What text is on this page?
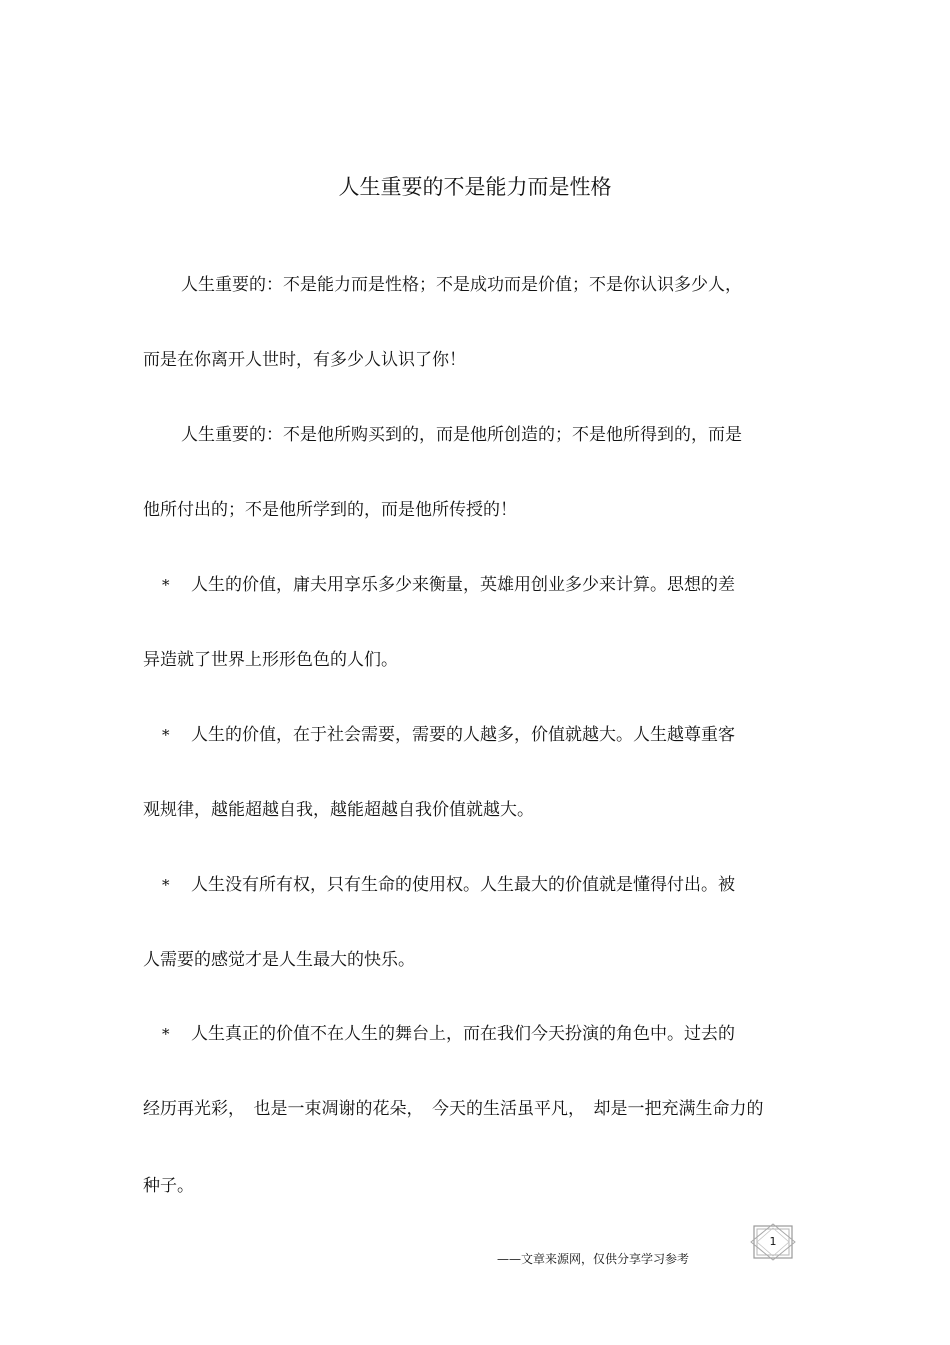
人生重要的不是能力而是性格
人生重要的：不是能力而是性格；不是成功而是价值；不是你认识多少人，
而是在你离开人世时，有多少人认识了你！
人生重要的：不是他所购买到的，而是他所创造的；不是他所得到的，而是
他所付出的；不是他所学到的，而是他所传授的！
* 人生的价值，庸夫用享乐多少来衡量，英雄用创业多少来计算。思想的差
异造就了世界上形形色色的人们。
* 人生的价值，在于社会需要，需要的人越多，价值就越大。人生越尊重客
观规律，越能超越自我，越能超越自我价值就越大。
* 人生没有所有权，只有生命的使用权。人生最大的价值就是懂得付出。被
人需要的感觉才是人生最大的快乐。
* 人生真正的价值不在人生的舞台上，而在我们今天扮演的角色中。过去的
经历再光彩，　也是一束凋谢的花朵，　今天的生活虽平凡，　却是一把充满生命力的
种子。
——文章来源网，仅供分享学习参考
1
